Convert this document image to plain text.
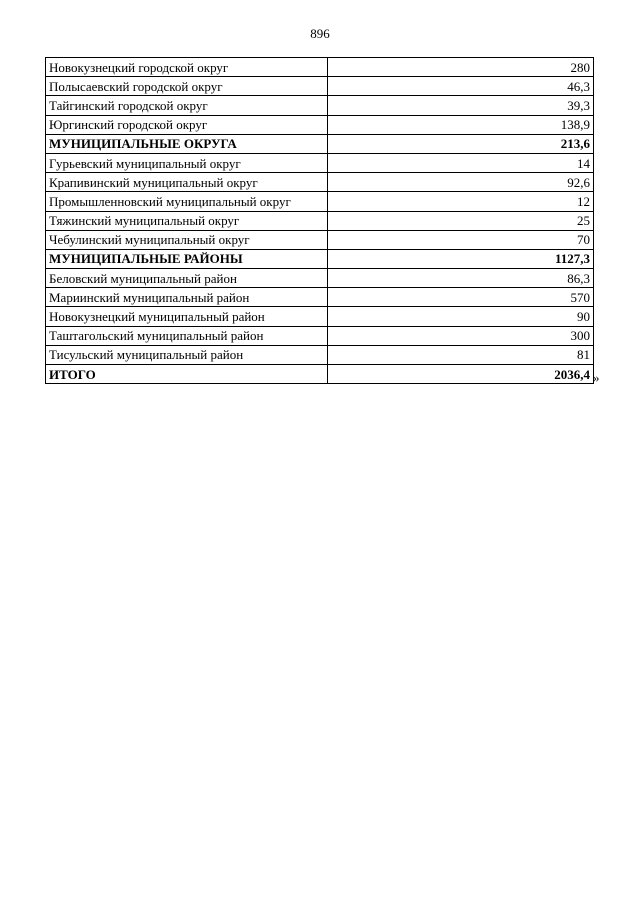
896
Новокузнецкий городской округ	280
Полысаевский городской округ	46,3
Тайгинский городской округ	39,3
Юргинский городской округ	138,9
МУНИЦИПАЛЬНЫЕ ОКРУГА	213,6
Гурьевский муниципальный округ	14
Крапивинский муниципальный округ	92,6
Промышленновский муниципальный округ	12
Тяжинский муниципальный округ	25
Чебулинский муниципальный округ	70
МУНИЦИПАЛЬНЫЕ РАЙОНЫ	1127,3
Беловский муниципальный район	86,3
Мариинский муниципальный район	570
Новокузнецкий муниципальный район	90
Таштагольский муниципальный район	300
Тисульский муниципальный район	81
ИТОГО	2036,4 »
